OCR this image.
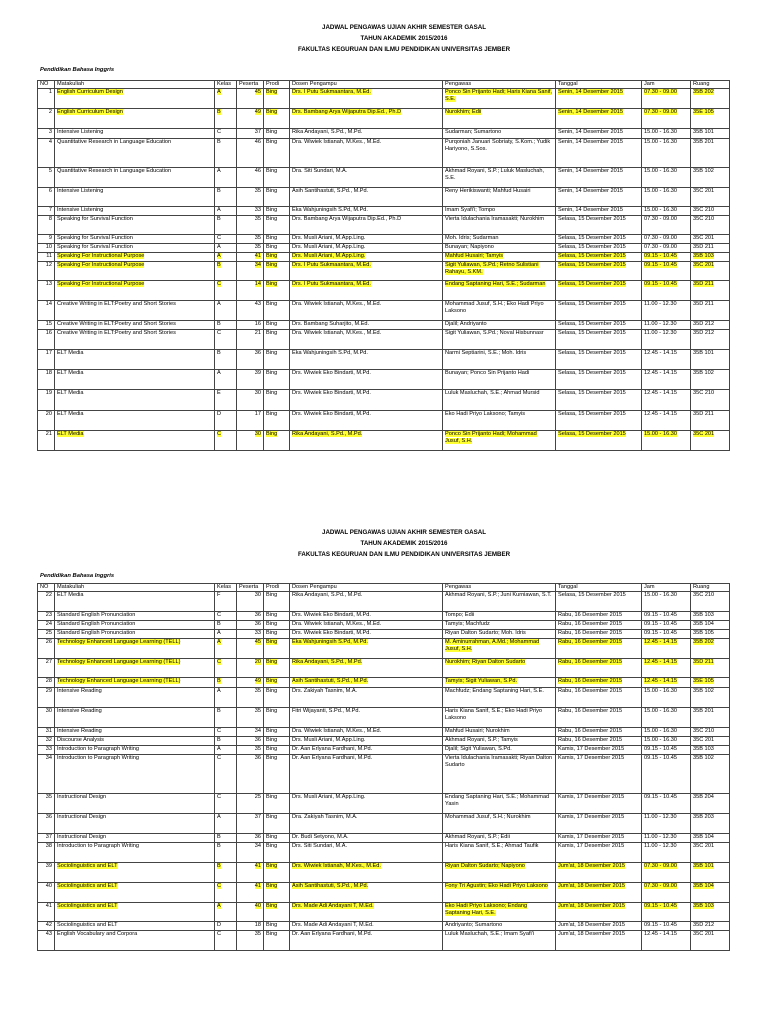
JADWAL PENGAWAS UJIAN AKHIR SEMESTER GASAL
TAHUN AKADEMIK 2015/2016
FAKULTAS KEGURUAN DAN ILMU PENDIDIKAN UNIVERSITAS JEMBER
Pendidikan Bahasa Inggris
NO	Matakuliah	Kelas	Peserta	Prodi	Dosen Pengampu	Pengawas	Tanggal	Jam	Ruang
1	English Curriculum Design	A	45	Bing	Drs. I Putu Sukmaantara, M.Ed.	Ponco Sin Prijanto Hadi; Haris Kiana Sanif, S.E.	Senin, 14 Desember 2015	07.30 - 09.00	35B 202
2	English Curriculum Design	B	49	Bing	Drs. Bambang Arya Wijaputra Dip.Ed., Ph.D	Nurokhim; Edii	Senin, 14 Desember 2015	07.30 - 09.00	35E 105
3	Intensive Listening	C	37	Bing	Rika Andayani, S.Pd., M.Pd.	Sudarman; Sumartono	Senin, 14 Desember 2015	15.00 - 16.30	35B 101
4	Quantitative Research in Language Education	B	46	Bing	Dra. Wiwiek Istianah, M.Kes., M.Ed.	Purqoniah Januari Sobriaty, S.Kom.; Yudik Hariyono, S.Sos.	Senin, 14 Desember 2015	15.00 - 16.30	35B 201
5	Quantitative Research in Language Education	A	46	Bing	Dra. Siti Sundari, M.A.	Akhmad Royani, S.P.; Luluk Masluchah, S.E.	Senin, 14 Desember 2015	15.00 - 16.30	35B 102
6	Intensive Listening	B	35	Bing	Asih Santihastuti, S.Pd., M.Pd.	Reny Herikiswanti; Mahfud Husairi	Senin, 14 Desember 2015	15.00 - 16.30	35C 201
7	Intensive Listening	A	33	Bing	Eka Wahjuningsih S.Pd, M.Pd.	Imam Syafi'i; Tompo	Senin, 14 Desember 2015	15.00 - 16.30	35C 210
8	Speaking for Survival Function	B	35	Bing	Drs. Bambang Arya Wijaputra Dip.Ed., Ph.D	Vierta Idulachania Iramasakti; Nurokhim	Selasa, 15 Desember 2015	07.30 - 09.00	35C 210
9	Speaking for Survival Function	C	35	Bing	Drs. Musli Ariani, M.App.Ling.	Moh. Idris; Sudarman	Selasa, 15 Desember 2015	07.30 - 09.00	35C 201
10	Speaking for Survival Function	A	35	Bing	Drs. Musli Ariani, M.App.Ling.	Bunayan; Napiyono	Selasa, 15 Desember 2015	07.30 - 09.00	35D 211
11	Speaking For Instructional Purpose	A	41	Bing	Drs. Musli Ariani, M.App.Ling.	Mahfud Husairi; Tamyis	Selasa, 15 Desember 2015	09.15 - 10.45	35B 103
12	Speaking For Instructional Purpose	B	34	Bing	Drs. I Putu Sukmaantara, M.Ed.	Sigit Yuliawan, S.Pd.; Retno Sulistiani Rahayu, S.KM.	Selasa, 15 Desember 2015	09.15 - 10.45	35C 201
13	Speaking For Instructional Purpose	C	14	Bing	Drs. I Putu Sukmaantara, M.Ed.	Endang Saptaning Hari, S.E.; Sudarman	Selasa, 15 Desember 2015	09.15 - 10.45	35D 211
14	Creative Writing in ELT:Poetry and Short Stories	A	43	Bing	Dra. Wiwiek Istianah, M.Kes., M.Ed.	Mohammad Jusuf, S.H.; Eko Hadi Priyo Laksono	Selasa, 15 Desember 2015	11.00 - 12.30	35D 211
15	Creative Writing in ELT:Poetry and Short Stories	B	16	Bing	Drs. Bambang Suharjito, M.Ed.	Djalil; Andriyanto	Selasa, 15 Desember 2015	11.00 - 12.30	35D 212
16	Creative Writing in ELT:Poetry and Short Stories	C	21	Bing	Dra. Wiwiek Istianah, M.Kes., M.Ed.	Sigit Yuliawan, S.Pd.; Noval Hisbunnasr	Selasa, 15 Desember 2015	11.00 - 12.30	35D 212
17	ELT Media	B	36	Bing	Eka Wahjuningsih S.Pd, M.Pd.	Narmi Septiarini, S.E.; Moh. Idris	Selasa, 15 Desember 2015	12.45 - 14.15	35B 101
18	ELT Media	A	39	Bing	Drs. Wiwiek Eko Bindarti, M.Pd.	Bunayan; Ponco Sin Prijanto Hadi	Selasa, 15 Desember 2015	12.45 - 14.15	35B 102
19	ELT Media	E	30	Bing	Drs. Wiwiek Eko Bindarti, M.Pd.	Luluk Masluchah, S.E.; Ahmad Mursid	Selasa, 15 Desember 2015	12.45 - 14.15	35C 210
20	ELT Media	D	17	Bing	Drs. Wiwiek Eko Bindarti, M.Pd.	Eko Hadi Priyo Laksono; Tamyis	Selasa, 15 Desember 2015	12.45 - 14.15	35D 211
21	ELT Media	C	30	Bing	Rika Andayani, S.Pd., M.Pd.	Ponco Sin Prijanto Hadi; Mohammad Jusuf, S.H.	Selasa, 15 Desember 2015	15.00 - 16.30	35C 201
JADWAL PENGAWAS UJIAN AKHIR SEMESTER GASAL
TAHUN AKADEMIK 2015/2016
FAKULTAS KEGURUAN DAN ILMU PENDIDIKAN UNIVERSITAS JEMBER
Pendidikan Bahasa Inggris
NO	Matakuliah	Kelas	Peserta	Prodi	Dosen Pengampu	Pengawas	Tanggal	Jam	Ruang
22	ELT Media	F	30	Bing	Rika Andayani, S.Pd., M.Pd.	Akhmad Royani, S.P.; Juni Kurniawan, S.T.	Selasa, 15 Desember 2015	15.00 - 16.30	35C 210
23	Standard English Pronunciation	C	36	Bing	Drs. Wiwiek Eko Bindarti, M.Pd.	Tompo; Edii	Rabu, 16 Desember 2015	09.15 - 10.45	35B 103
24	Standard English Pronunciation	B	36	Bing	Dra. Wiwiek Istianah, M.Kes., M.Ed.	Tamyis; Machfudz	Rabu, 16 Desember 2015	09.15 - 10.45	35B 104
25	Standard English Pronunciation	A	33	Bing	Drs. Wiwiek Eko Bindarti, M.Pd.	Riyan Dalton Sudarto; Moh. Idris	Rabu, 16 Desember 2015	09.15 - 10.45	35B 105
26	Technology Enhanced Language Learning (TELL)	A	45	Bing	Eka Wahjuningsih S.Pd, M.Pd.	M. Aminurrahman, A.Md.; Mohammad Jusuf, S.H.	Rabu, 16 Desember 2015	12.45 - 14.15	35B 202
27	Technology Enhanced Language Learning (TELL)	C	20	Bing	Rika Andayani, S.Pd., M.Pd.	Nurokhim; Riyan Dalton Sudarto	Rabu, 16 Desember 2015	12.45 - 14.15	35D 211
28	Technology Enhanced Language Learning (TELL)	B	49	Bing	Asih Santihastuti, S.Pd., M.Pd.	Tamyis; Sigit Yuliawan, S.Pd.	Rabu, 16 Desember 2015	12.45 - 14.15	35E 105
29	Intensive Reading	A	35	Bing	Drs. Zakiyah Tasnim, M.A.	Machfudz; Endang Saptaning Hari, S.E.	Rabu, 16 Desember 2015	15.00 - 16.30	35B 102
30	Intensive Reading	B	35	Bing	Fitri Wijayanti, S.Pd., M.Pd.	Haris Kiana Sanif, S.E.; Eko Hadi Priyo Laksono	Rabu, 16 Desember 2015	15.00 - 16.30	35B 201
31	Intensive Reading	C	34	Bing	Dra. Wiwiek Istianah, M.Kes., M.Ed.	Mahfud Husairi; Nurokhim	Rabu, 16 Desember 2015	15.00 - 16.30	35C 210
32	Discourse Analysis	B	36	Bing	Drs. Musli Ariani, M.App.Ling.	Akhmad Royani, S.P.; Tamyis	Rabu, 16 Desember 2015	15.00 - 16.30	35C 201
33	Introduction to Paragraph Writing	A	35	Bing	Dr. Aan Erlyana Fardhani, M.Pd.	Djalil; Sigit Yuliawan, S.Pd.	Kamis, 17 Desember 2015	09.15 - 10.45	35B 103
34	Introduction to Paragraph Writing	C	36	Bing	Dr. Aan Erlyana Fardhani, M.Pd.	Vierta Idulachania Iramasakti; Riyan Dalton Sudarto	Kamis, 17 Desember 2015	09.15 - 10.45	35B 102
35	Instructional Design	C	25	Bing	Drs. Musli Ariani, M.App.Ling.	Endang Saptaning Hari, S.E.; Mohammad Yasin	Kamis, 17 Desember 2015	09.15 - 10.45	35B 204
36	Instructional Design	A	37	Bing	Dra. Zakiyah Tasnim, M.A.	Mohammad Jusuf, S.H.; Nurokhim	Kamis, 17 Desember 2015	11.00 - 12.30	35B 203
37	Instructional Design	B	36	Bing	Dr. Budi Setyono, M.A.	Akhmad Royani, S.P.; Edii	Kamis, 17 Desember 2015	11.00 - 12.30	35B 104
38	Introduction to Paragraph Writing	B	34	Bing	Drs. Siti Sundari, M.A.	Haris Kiana Sanif, S.E.; Ahmad Taufik	Kamis, 17 Desember 2015	11.00 - 12.30	35C 201
39	Sociolinguistics and ELT	B	41	Bing	Drs. Wiwiek Istianah, M.Kes., M.Ed.	Riyan Dalton Sudarto; Napiyono	Jum'at, 18 Desember 2015	07.30 - 09.00	35B 101
40	Sociolinguistics and ELT	C	41	Bing	Asih Santihastuti, S.Pd., M.Pd.	Fony Tri Agustin; Eko Hadi Priyo Laksono	Jum'at, 18 Desember 2015	07.30 - 09.00	35B 104
41	Sociolinguistics and ELT	A	40	Bing	Drs. Made Adi Andayani T, M.Ed.	Eko Hadi Priyo Laksono; Endang Saptaning Hari, S.E.	Jum'at, 18 Desember 2015	09.15 - 10.45	35B 103
42	Sociolinguistics and ELT	D	18	Bing	Drs. Made Adi Andayani T, M.Ed.	Andriyanto; Sumartono	Jum'at, 18 Desember 2015	09.15 - 10.45	35D 212
43	English Vocabulary and Corpora	C	35	Bing	Dr. Aan Erlyana Fardhani, M.Pd.	Luluk Masluchah, S.E.; Imam Syafi'i	Jum'at, 18 Desember 2015	12.45 - 14.15	35C 201
